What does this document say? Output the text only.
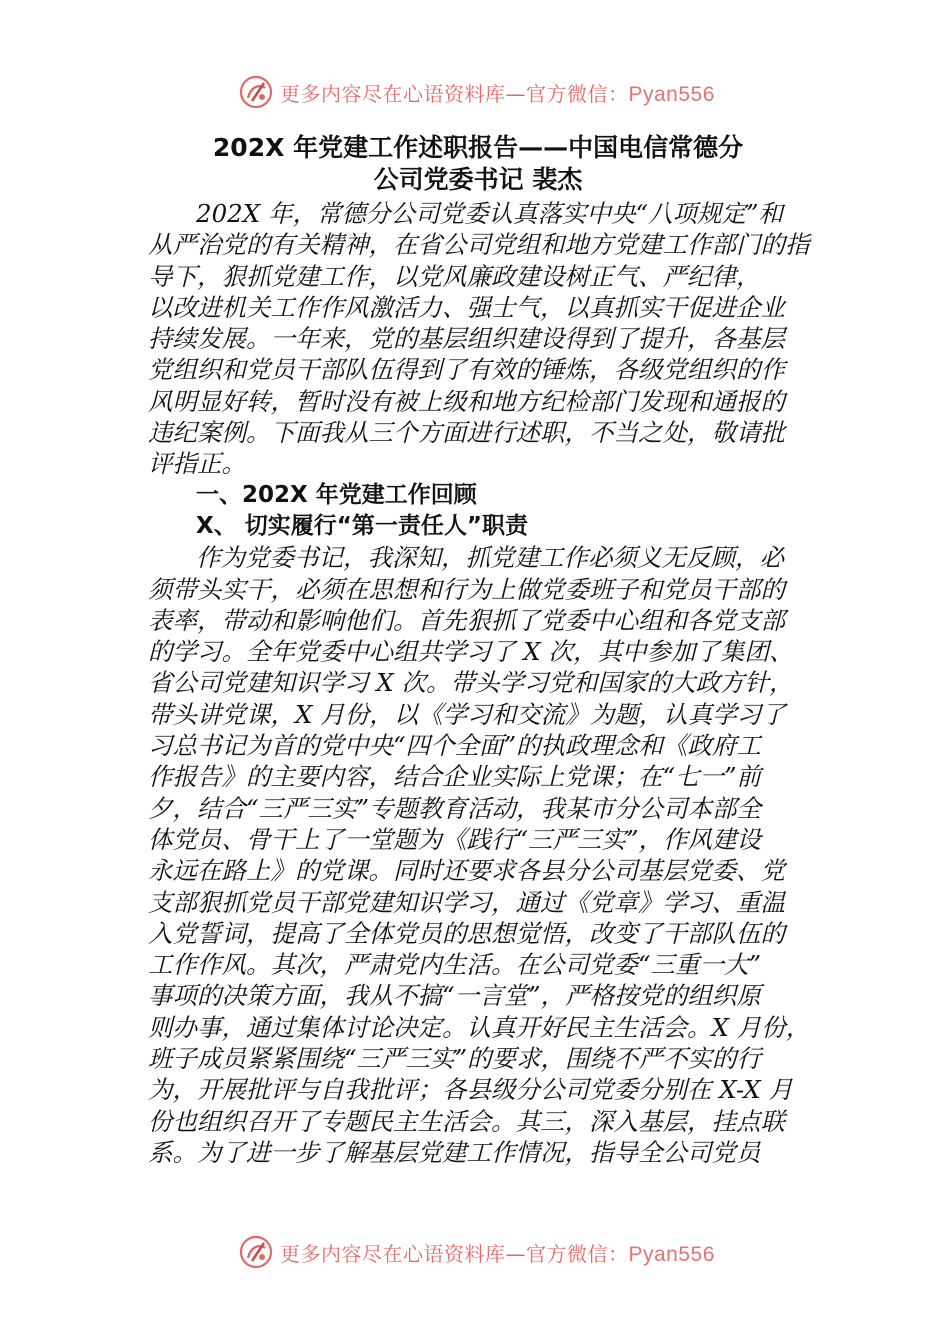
更多内容尽在心语资料库—官方微信：Pyan556
202X 年党建工作述职报告——中国电信常德分
公司党委书记 裴杰
202X 年，常德分公司党委认真落实中央“八项规定”和
从严治党的有关精神，在省公司党组和地方党建工作部门的指
导下，狠抓党建工作，以党风廉政建设树正气、严纪律，
以改进机关工作作风激活力、强士气，以真抓实干促进企业
持续发展。一年来，党的基层组织建设得到了提升，各基层
党组织和党员干部队伍得到了有效的锤炼，各级党组织的作
风明显好转，暂时没有被上级和地方纪检部门发现和通报的
违纪案例。下面我从三个方面进行述职，不当之处，敬请批
评指正。
一、202X 年党建工作回顾
X、 切实履行“第一责任人”职责
作为党委书记，我深知，抓党建工作必须义无反顾，必
须带头实干，必须在思想和行为上做党委班子和党员干部的
表率，带动和影响他们。首先狠抓了党委中心组和各党支部
的学习。全年党委中心组共学习了 X 次，其中参加了集团、
省公司党建知识学习 X 次。带头学习党和国家的大政方针，
带头讲党课，X 月份，以《学习和交流》为题，认真学习了
习总书记为首的党中央“四个全面”的执政理念和《政府工
作报告》的主要内容，结合企业实际上党课；在“七一”前
夕，结合“三严三实”专题教育活动，我某市分公司本部全
体党员、骨干上了一堂题为《践行“三严三实”，作风建设
永远在路上》的党课。同时还要求各县分公司基层党委、党
支部狠抓党员干部党建知识学习，通过《党章》学习、重温
入党誓词，提高了全体党员的思想觉悟，改变了干部队伍的
工作作风。其次，严肃党内生活。在公司党委“三重一大”
事项的决策方面，我从不搞“一言堂”，严格按党的组织原
则办事，通过集体讨论决定。认真开好民主生活会。X 月份，
班子成员紧紧围绕“三严三实”的要求，围绕不严不实的行
为，开展批评与自我批评；各县级分公司党委分别在 X-X 月
份也组织召开了专题民主生活会。其三，深入基层，挂点联
系。为了进一步了解基层党建工作情况，指导全公司党员
更多内容尽在心语资料库—官方微信：Pyan556
